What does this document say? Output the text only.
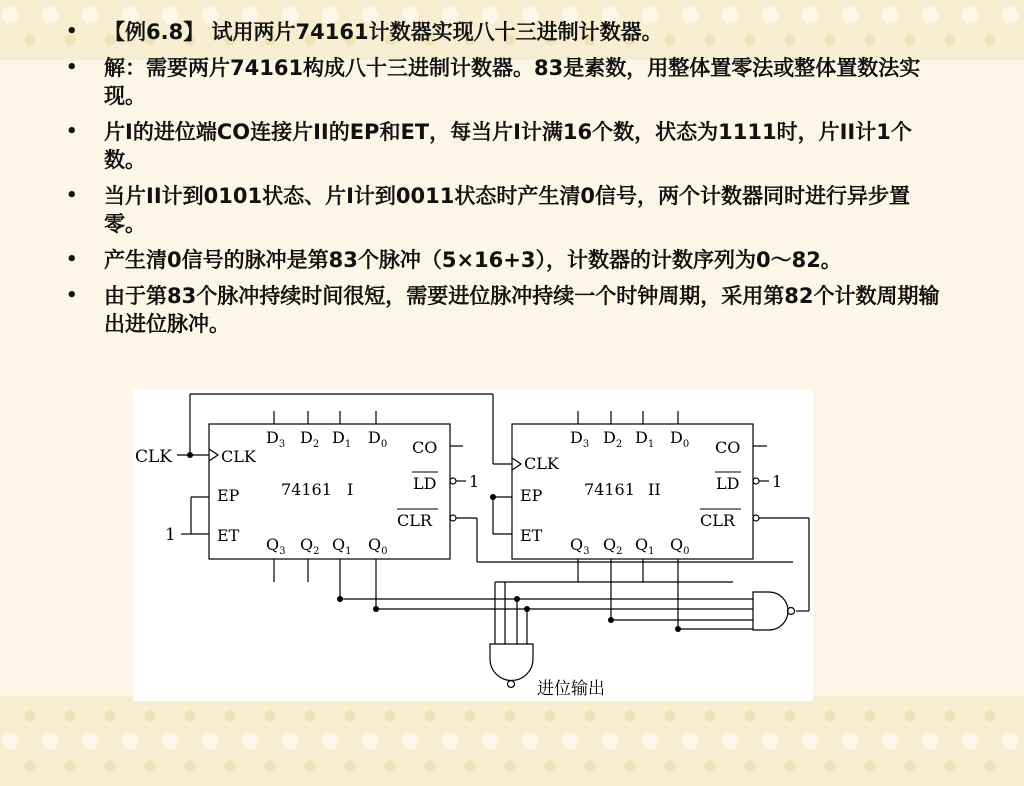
• 【例6.8】 试用两片74161计数器实现八十三进制计数器。
• 解：需要两片74161构成八十三进制计数器。83是素数，用整体置零法或整体置数法实现。
• 片I的进位端CO连接片II的EP和ET，每当片I计满16个数，状态为1111时，片II计1个数。
• 当片II计到0101状态、片I计到0011状态时产生清0信号，两个计数器同时进行异步置零。
• 产生清0信号的脉冲是第83个脉冲（5×16+3），计数器的计数序列为0～82。
• 由于第83个脉冲持续时间很短，需要进位脉冲持续一个时钟周期，采用第82个计数周期输出进位脉冲。
CLK
1
CLK
EP
ET
74161 I
CO
LD
CLR
1
$D_3$ $D_2$ $D_1$ $D_0$
$Q_3$ $Q_2$ $Q_1$ $Q_0$
CLK
EP
ET
74161 II
CO
LD
CLR
1
$D_3$ $D_2$ $D_1$ $D_0$
$Q_3$ $Q_2$ $Q_1$ $Q_0$
进位输出
